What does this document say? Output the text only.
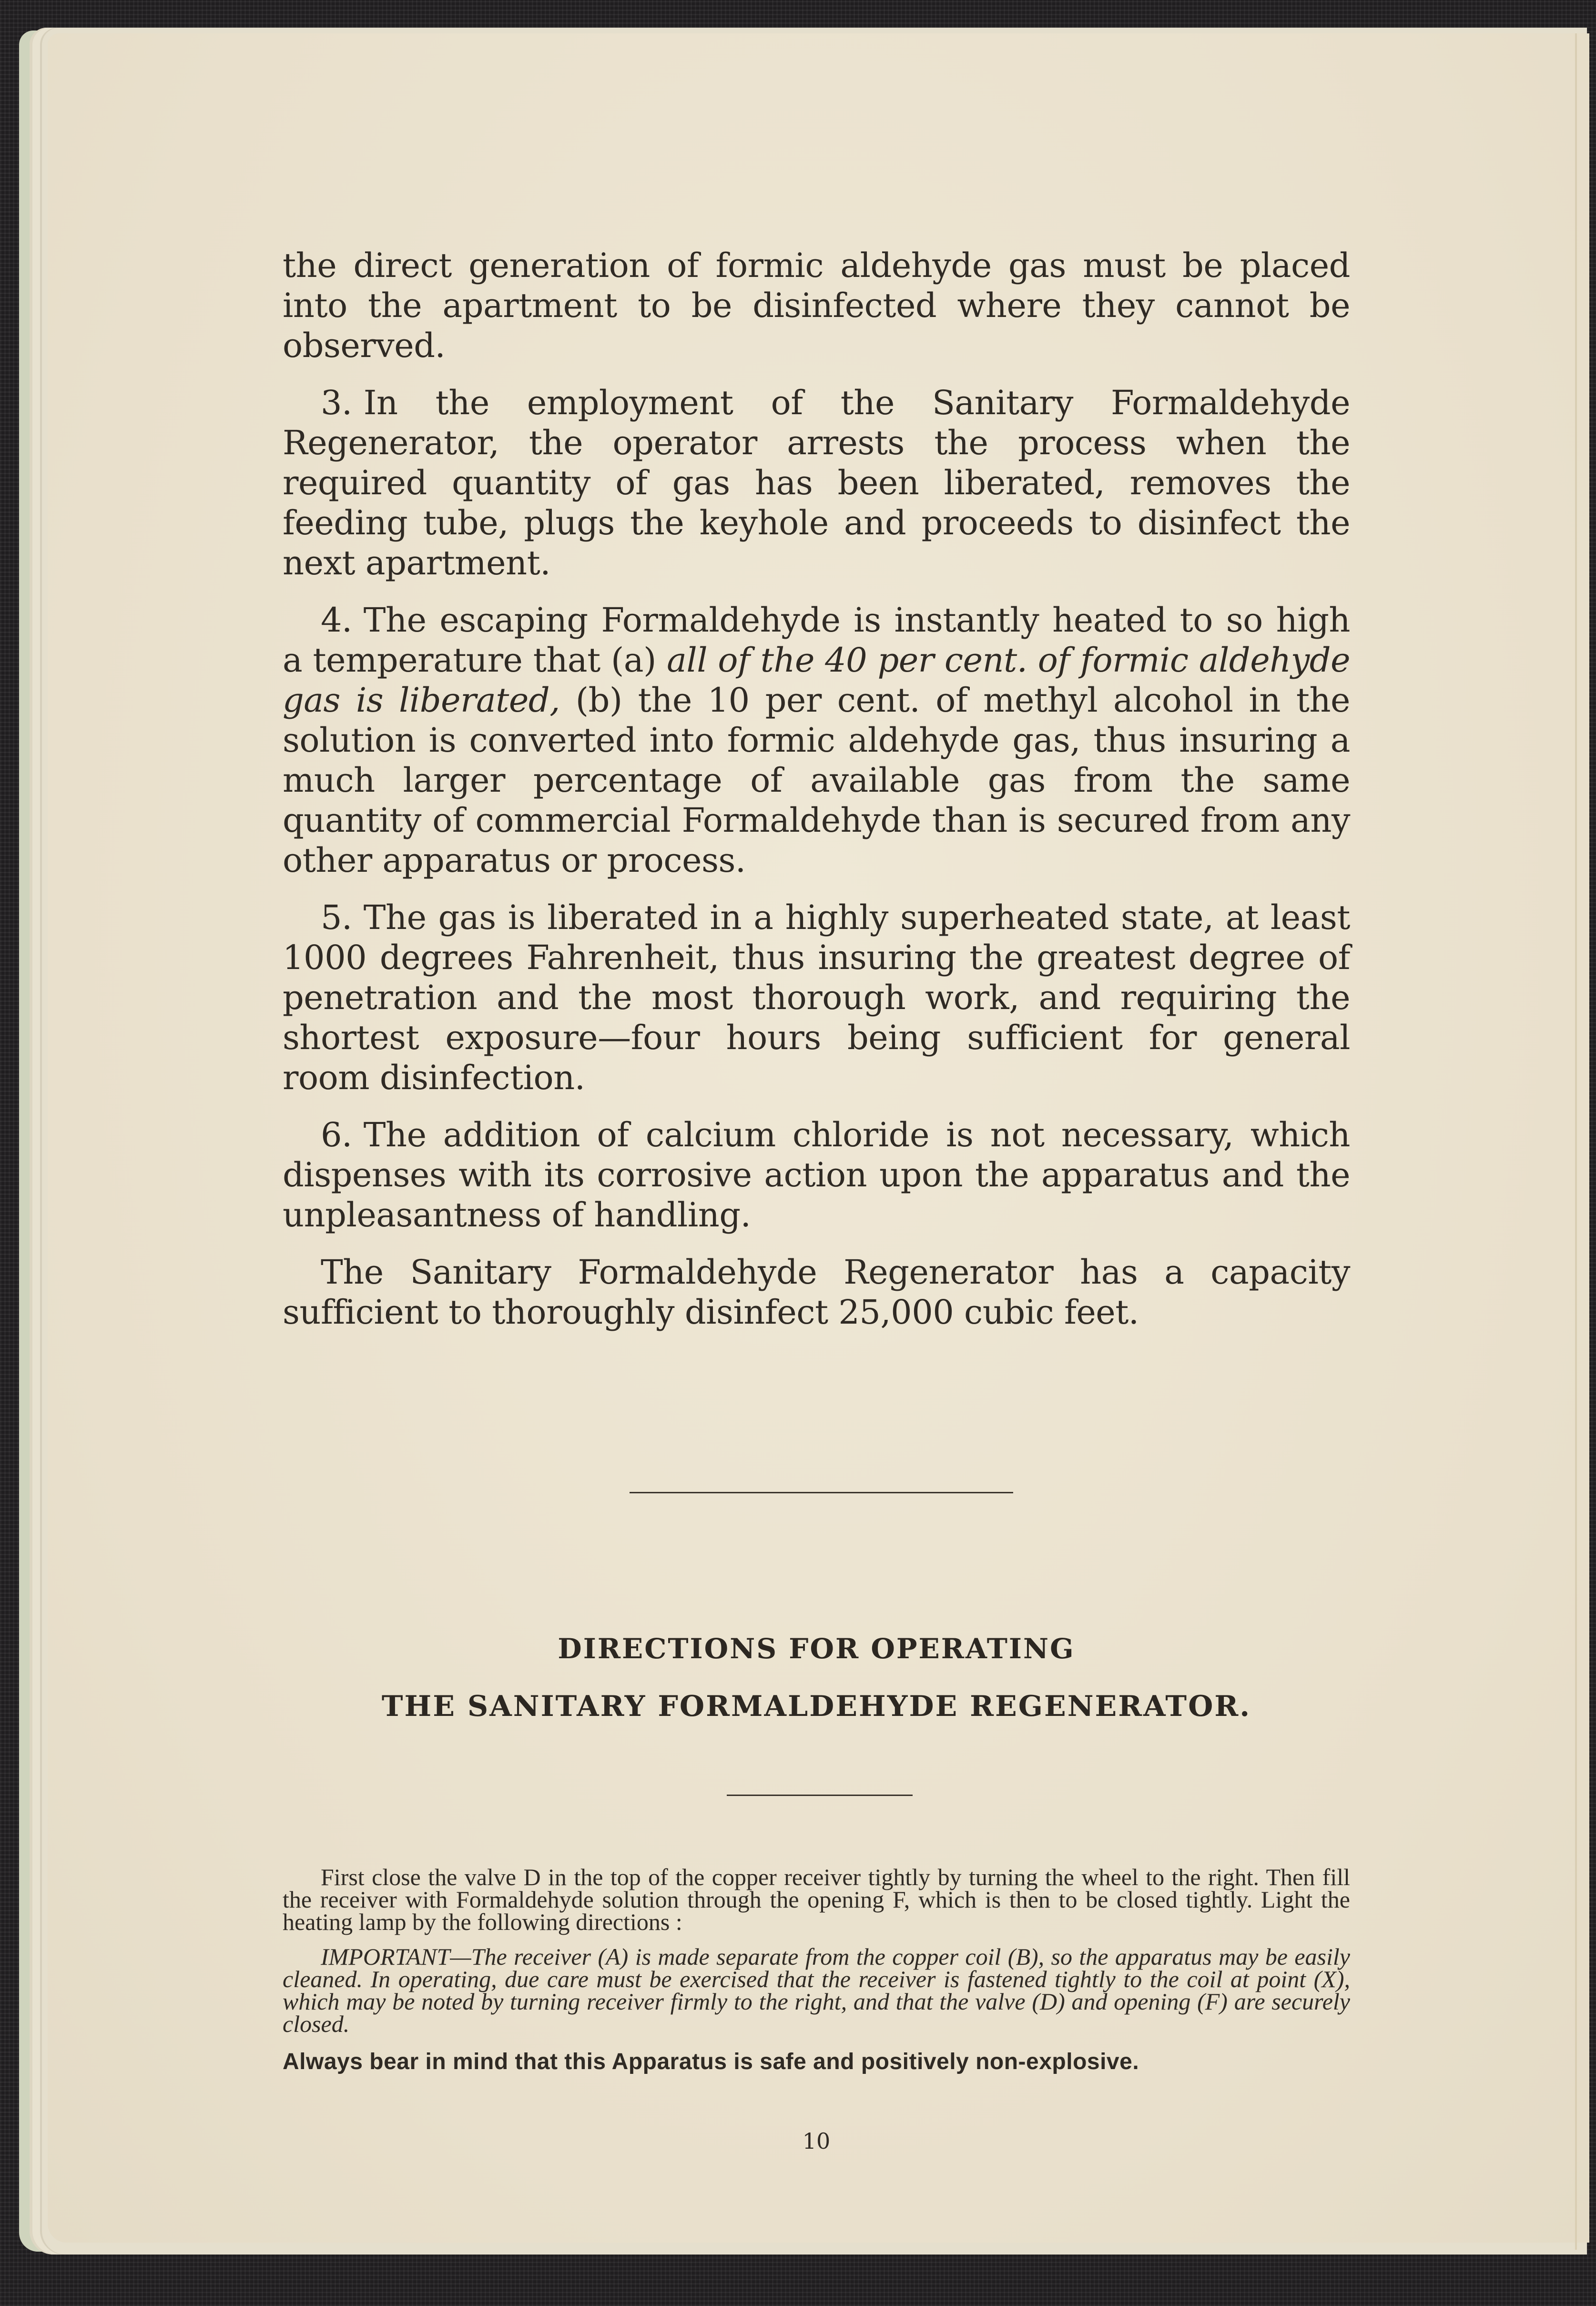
the direct generation of formic aldehyde gas must be placed into the apartment to be disinfected where they cannot be observed.

3. In the employment of the Sanitary Formaldehyde Regenerator, the operator arrests the process when the required quantity of gas has been liberated, removes the feeding tube, plugs the keyhole and proceeds to disinfect the next apartment.

4. The escaping Formaldehyde is instantly heated to so high a temperature that (a) all of the 40 per cent. of formic aldehyde gas is liberated, (b) the 10 per cent. of methyl alcohol in the solution is converted into formic aldehyde gas, thus insuring a much larger percentage of available gas from the same quantity of commercial Formaldehyde than is secured from any other apparatus or process.

5. The gas is liberated in a highly superheated state, at least 1000 degrees Fahrenheit, thus insuring the greatest degree of penetration and the most thorough work, and requiring the shortest exposure—four hours being sufficient for general room disinfection.

6. The addition of calcium chloride is not necessary, which dispenses with its corrosive action upon the apparatus and the unpleasantness of handling.

The Sanitary Formaldehyde Regenerator has a capacity sufficient to thoroughly disinfect 25,000 cubic feet.

DIRECTIONS FOR OPERATING
THE SANITARY FORMALDEHYDE REGENERATOR.

First close the valve D in the top of the copper receiver tightly by turning the wheel to the right. Then fill the receiver with Formaldehyde solution through the opening F, which is then to be closed tightly. Light the heating lamp by the following directions :

IMPORTANT—The receiver (A) is made separate from the copper coil (B), so the apparatus may be easily cleaned. In operating, due care must be exercised that the receiver is fastened tightly to the coil at point (X), which may be noted by turning receiver firmly to the right, and that the valve (D) and opening (F) are securely closed.

Always bear in mind that this Apparatus is safe and positively non-explosive.
10
